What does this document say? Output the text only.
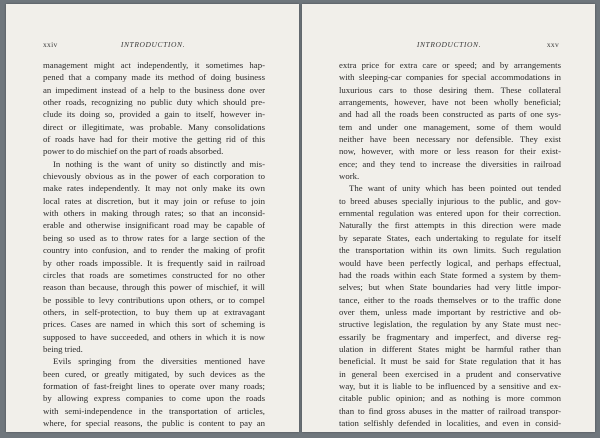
xxiv	INTRODUCTION.
management might act independently, it sometimes hap-
pened that a company made its method of doing business
an impediment instead of a help to the business done over
other roads, recognizing no public duty which should pre-
clude its doing so, provided a gain to itself, however in-
direct or illegitimate, was probable. Many consolidations
of roads have had for their motive the getting rid of this
power to do mischief on the part of roads absorbed.
In nothing is the want of unity so distinctly and mis-
chievously obvious as in the power of each corporation to
make rates independently. It may not only make its own
local rates at discretion, but it may join or refuse to join
with others in making through rates; so that an inconsid-
erable and otherwise insignificant road may be capable of
being so used as to throw rates for a large section of the
country into confusion, and to render the making of profit
by other roads impossible. It is frequently said in railroad
circles that roads are sometimes constructed for no other
reason than because, through this power of mischief, it will
be possible to levy contributions upon others, or to compel
others, in self-protection, to buy them up at extravagant
prices. Cases are named in which this sort of scheming is
supposed to have succeeded, and others in which it is now
being tried.
Evils springing from the diversities mentioned have
been cured, or greatly mitigated, by such devices as the
formation of fast-freight lines to operate over many roads;
by allowing express companies to come upon the roads
with semi-independence in the transportation of articles,
where, for special reasons, the public is content to pay an
INTRODUCTION.	xxv
extra price for extra care or speed; and by arrangements
with sleeping-car companies for special accommodations in
luxurious cars to those desiring them. These collateral
arrangements, however, have not been wholly beneficial;
and had all the roads been constructed as parts of one sys-
tem and under one management, some of them would
neither have been necessary nor defensible. They exist
now, however, with more or less reason for their exist-
ence; and they tend to increase the diversities in railroad
work.
The want of unity which has been pointed out tended
to breed abuses specially injurious to the public, and gov-
ernmental regulation was entered upon for their correction.
Naturally the first attempts in this direction were made
by separate States, each undertaking to regulate for itself
the transportation within its own limits. Such regulation
would have been perfectly logical, and perhaps effectual,
had the roads within each State formed a system by them-
selves; but when State boundaries had very little impor-
tance, either to the roads themselves or to the traffic done
over them, unless made important by restrictive and ob-
structive legislation, the regulation by any State must nec-
essarily be fragmentary and imperfect, and diverse reg-
ulation in different States might be harmful rather than
beneficial. It must be said for State regulation that it has
in general been exercised in a prudent and conservative
way, but it is liable to be influenced by a sensitive and ex-
citable public opinion; and as nothing is more common
than to find gross abuses in the matter of railroad transpor-
tation selfishly defended in localities, and even in consid-
